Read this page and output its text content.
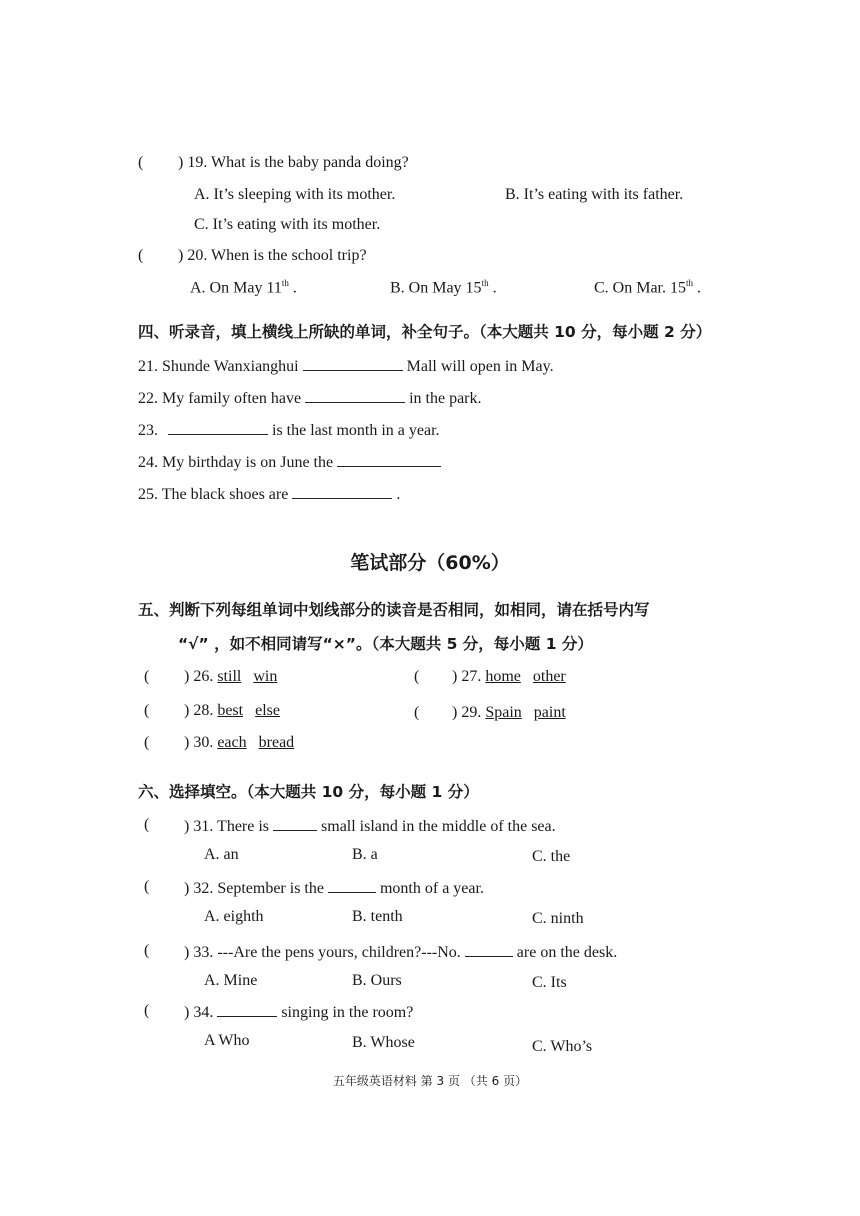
( ) 19. What is the baby panda doing?
A. It’s sleeping with its mother.	B. It’s eating with its father.
C. It’s eating with its mother.
( ) 20. When is the school trip?
A. On May 11th .	B. On May 15th .	C. On Mar. 15th .
四、听录音，填上横线上所缺的单词，补全句子。（本大题共 10 分，每小题 2 分）
21. Shunde Wanxianghui	Mall will open in May.
22. My family often have	in the park.
23.	is the last month in a year.
24. My birthday is on June the
25. The black shoes are	.
笔试部分（60%）
五、判断下列每组单词中划线部分的读音是否相同，如相同，请在括号内写
“√” ，如不相同请写“×”。（本大题共 5 分，每小题 1 分）
( ) 26. still win	( ) 27. home other
( ) 28. best else	( ) 29. Spain paint
( ) 30. each bread
六、选择填空。（本大题共 10 分，每小题 1 分）
( ) 31. There is	small island in the middle of the sea.
A. an	B. a	C. the
( ) 32. September is the	month of a year.
A. eighth	B. tenth	C. ninth
( ) 33. ---Are the pens yours, children?---No.	are on the desk.
A. Mine	B. Ours	C. Its
( ) 34.	singing in the room?
A Who	B. Whose	C. Who’s
五年级英语材料 第 3 页 （共 6 页）
